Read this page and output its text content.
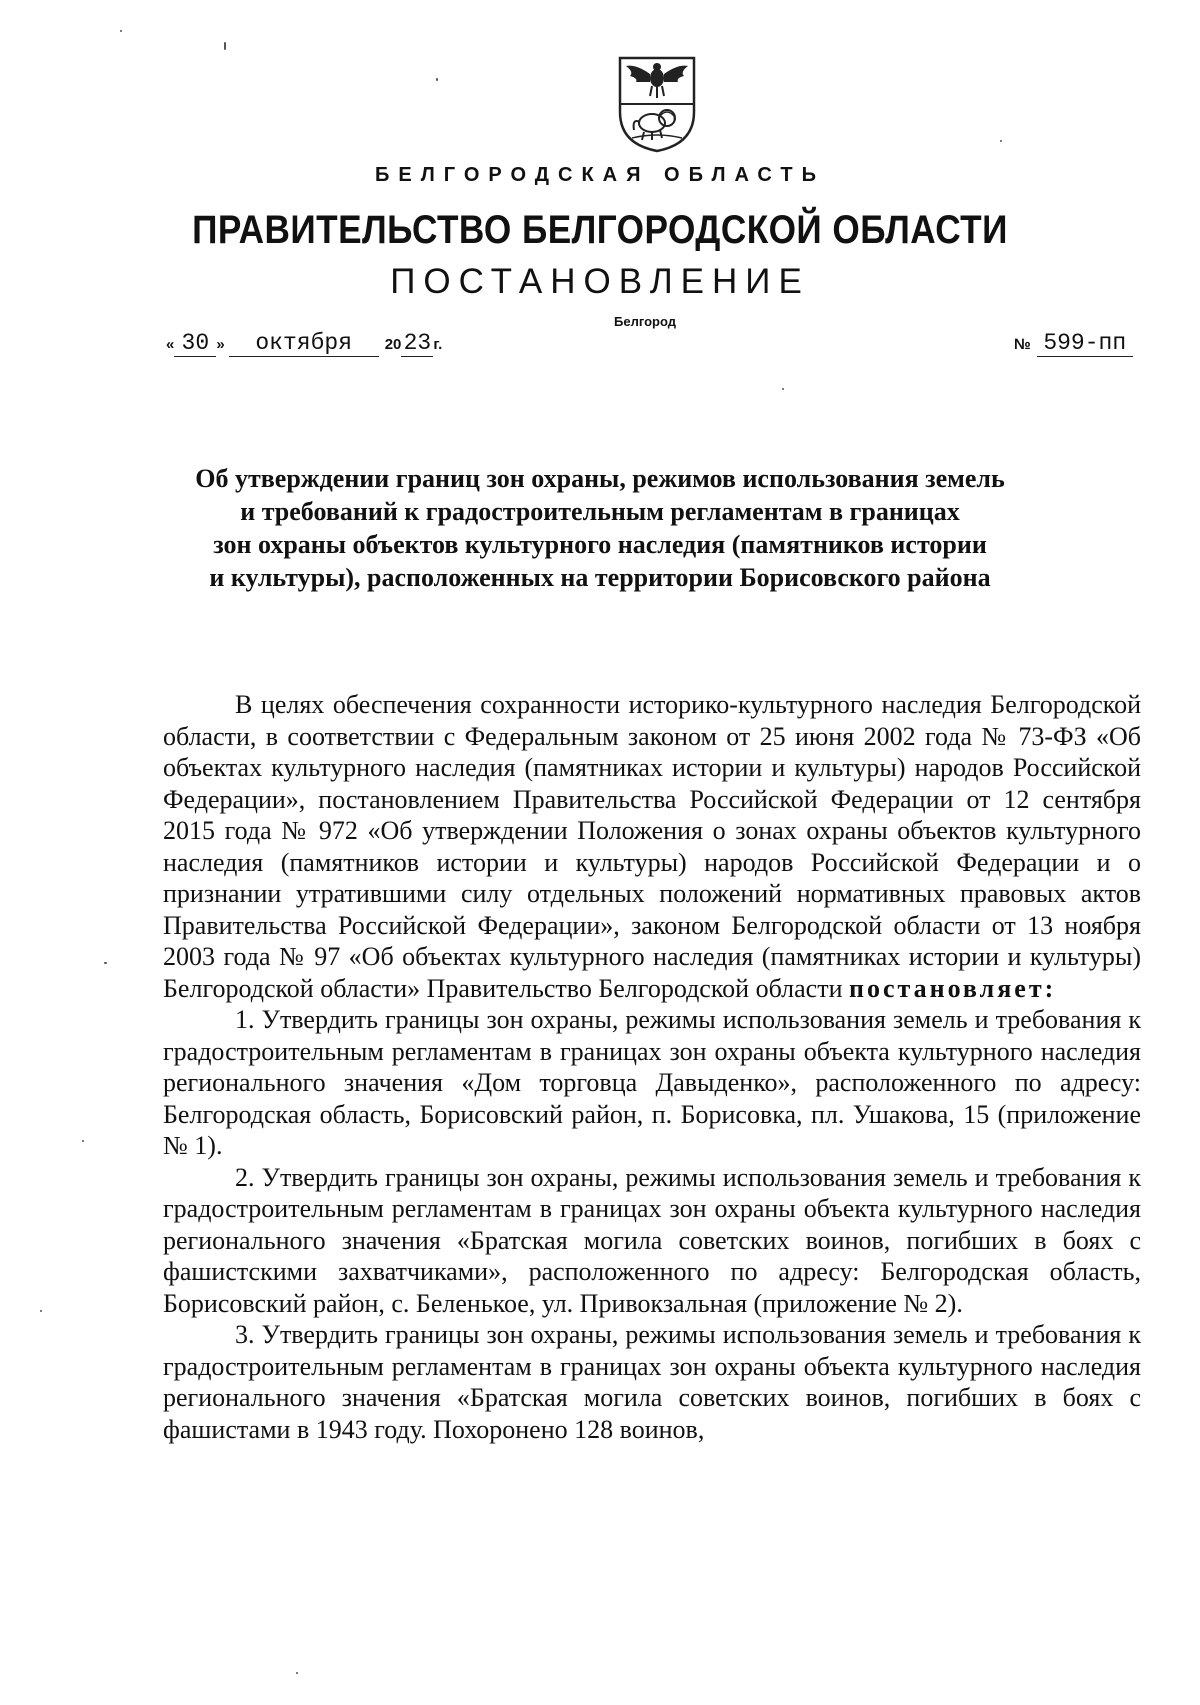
БЕЛГОРОДСКАЯ ОБЛАСТЬ
ПРАВИТЕЛЬСТВО БЕЛГОРОДСКОЙ ОБЛАСТИ
ПОСТАНОВЛЕНИЕ
Белгород
« 30 » октября 2023 г.	№ 599-пп
Об утверждении границ зон охраны, режимов использования земель
и требований к градостроительным регламентам в границах
зон охраны объектов культурного наследия (памятников истории
и культуры), расположенных на территории Борисовского района

В целях обеспечения сохранности историко-культурного наследия Белгородской области, в соответствии с Федеральным законом от 25 июня 2002 года № 73-ФЗ «Об объектах культурного наследия (памятниках истории и культуры) народов Российской Федерации», постановлением Правительства Российской Федерации от 12 сентября 2015 года № 972 «Об утверждении Положения о зонах охраны объектов культурного наследия (памятников истории и культуры) народов Российской Федерации и о признании утратившими силу отдельных положений нормативных правовых актов Правительства Российской Федерации», законом Белгородской области от 13 ноября 2003 года № 97 «Об объектах культурного наследия (памятниках истории и культуры) Белгородской области» Правительство Белгородской области постановляет:

1. Утвердить границы зон охраны, режимы использования земель и требования к градостроительным регламентам в границах зон охраны объекта культурного наследия регионального значения «Дом торговца Давыденко», расположенного по адресу: Белгородская область, Борисовский район, п. Борисовка, пл. Ушакова, 15 (приложение № 1).

2. Утвердить границы зон охраны, режимы использования земель и требования к градостроительным регламентам в границах зон охраны объекта культурного наследия регионального значения «Братская могила советских воинов, погибших в боях с фашистскими захватчиками», расположенного по адресу: Белгородская область, Борисовский район, с. Беленькое, ул. Привокзальная (приложение № 2).

3. Утвердить границы зон охраны, режимы использования земель и требования к градостроительным регламентам в границах зон охраны объекта культурного наследия регионального значения «Братская могила советских воинов, погибших в боях с фашистами в 1943 году. Похоронено 128 воинов,
